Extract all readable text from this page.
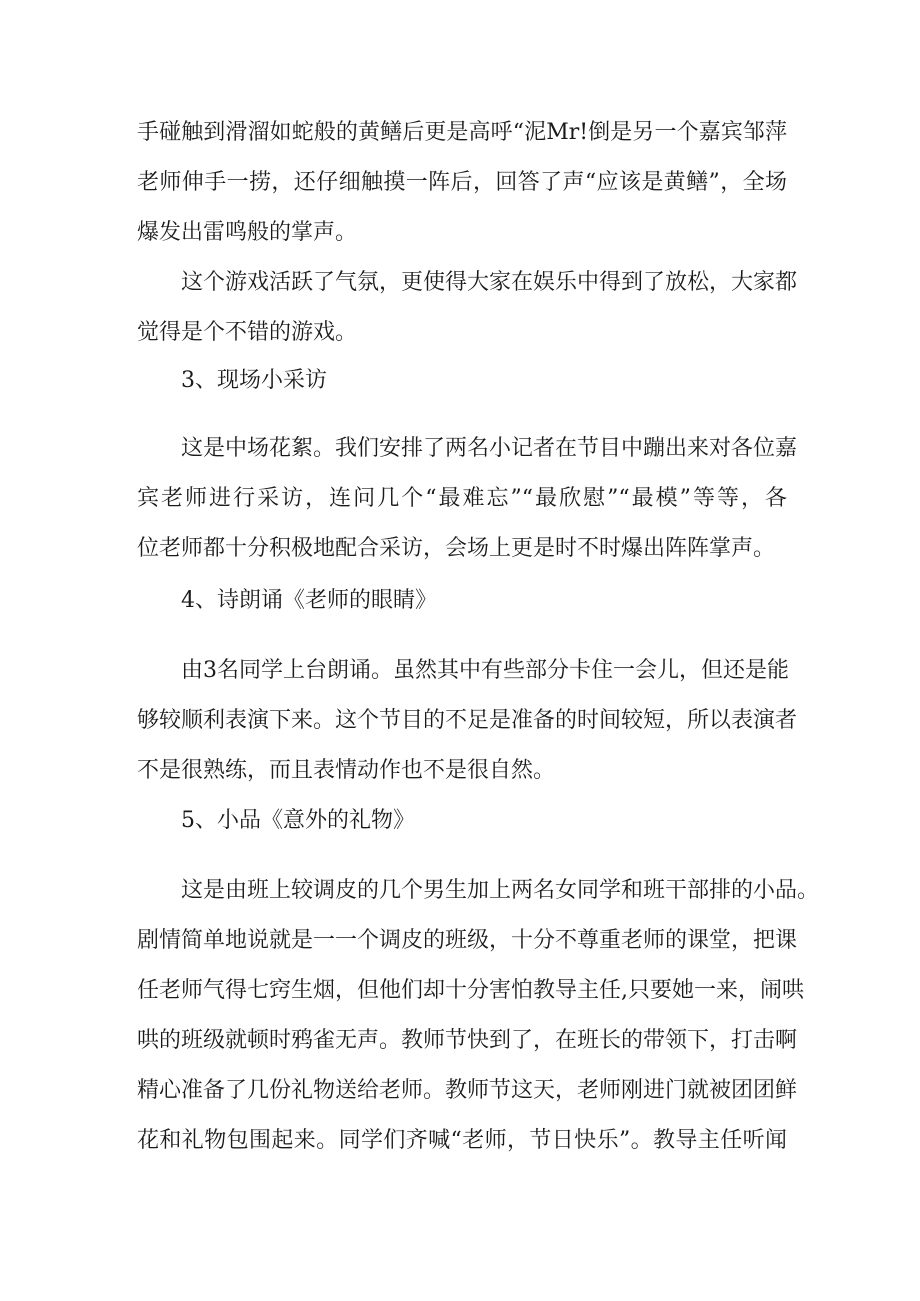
手碰触到滑溜如蛇般的黄鳝后更是高呼“泥Mr!倒是另一个嘉宾邹萍
老师伸手一捞，还仔细触摸一阵后，回答了声“应该是黄鳝”，全场
爆发出雷鸣般的掌声。
这个游戏活跃了气氛，更使得大家在娱乐中得到了放松，大家都
觉得是个不错的游戏。
3、现场小采访
这是中场花絮。我们安排了两名小记者在节目中蹦出来对各位嘉
宾老师进行采访，连问几个“最难忘”“最欣慰”“最模”等等，各
位老师都十分积极地配合采访，会场上更是时不时爆出阵阵掌声。
4、诗朗诵《老师的眼睛》
由3名同学上台朗诵。虽然其中有些部分卡住一会儿，但还是能
够较顺利表演下来。这个节目的不足是准备的时间较短，所以表演者
不是很熟练，而且表情动作也不是很自然。
5、小品《意外的礼物》
这是由班上较调皮的几个男生加上两名女同学和班干部排的小品。
剧情简单地说就是一一个调皮的班级，十分不尊重老师的课堂，把课
任老师气得七窍生烟，但他们却十分害怕教导主任,只要她一来，闹哄
哄的班级就顿时鸦雀无声。教师节快到了，在班长的带领下，打击啊
精心准备了几份礼物送给老师。教师节这天，老师刚进门就被团团鲜
花和礼物包围起来。同学们齐喊“老师，节日快乐”。教导主任听闻
